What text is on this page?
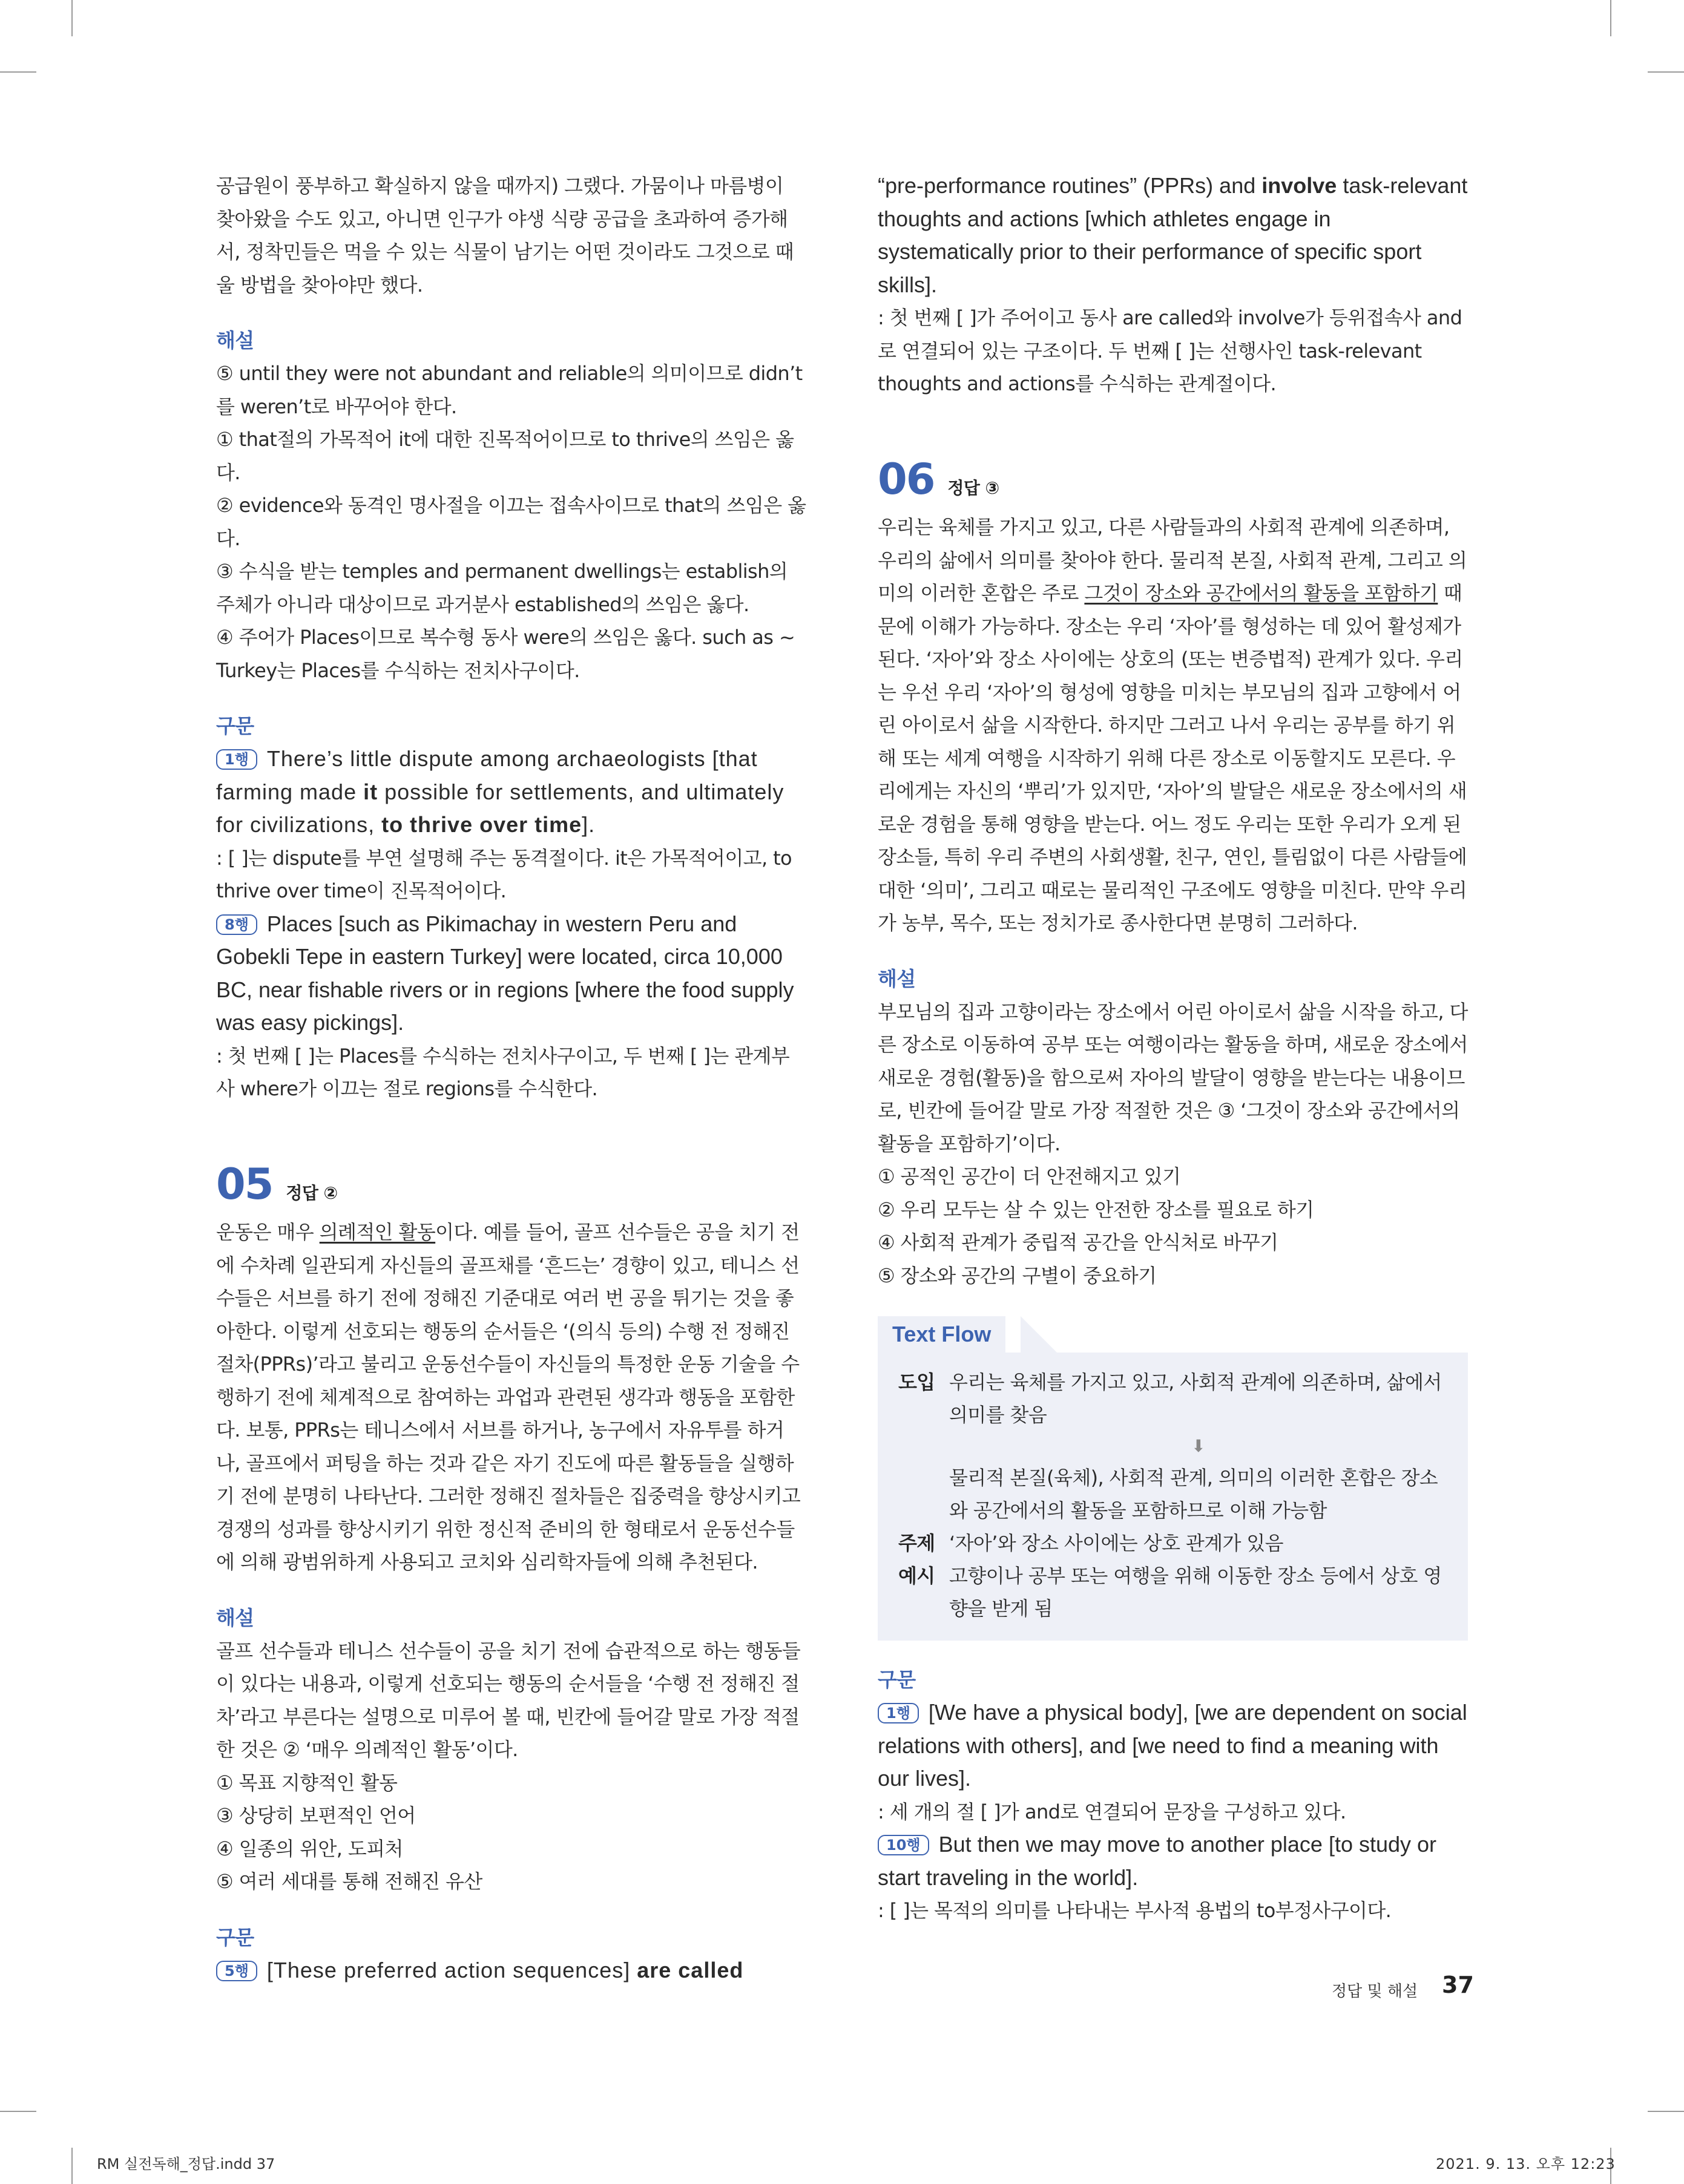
공급원이 풍부하고 확실하지 않을 때까지) 그랬다. 가뭄이나 마름병이 찾아왔을 수도 있고, 아니면 인구가 야생 식량 공급을 초과하여 증가해서, 정착민들은 먹을 수 있는 식물이 남기는 어떤 것이라도 그것으로 때울 방법을 찾아야만 했다.

해설

⑤ until they were not abundant and reliable의 의미이므로 didn’t를 weren’t로 바꾸어야 한다.

① that절의 가목적어 it에 대한 진목적어이므로 to thrive의 쓰임은 옳다.

② evidence와 동격인 명사절을 이끄는 접속사이므로 that의 쓰임은 옳다.

③ 수식을 받는 temples and permanent dwellings는 establish의 주체가 아니라 대상이므로 과거분사 established의 쓰임은 옳다.

④ 주어가 Places이므로 복수형 동사 were의 쓰임은 옳다. such as ~ Turkey는 Places를 수식하는 전치사구이다.

구문

1행 There’s little dispute among archaeologists [that farming made it possible for settlements, and ultimately for civilizations, to thrive over time].

: [ ]는 dispute를 부연 설명해 주는 동격절이다. it은 가목적어이고, to thrive over time이 진목적어이다.

8행 Places [such as Pikimachay in western Peru and Gobekli Tepe in eastern Turkey] were located, circa 10,000 BC, near fishable rivers or in regions [where the food supply was easy pickings].

: 첫 번째 [ ]는 Places를 수식하는 전치사구이고, 두 번째 [ ]는 관계부사 where가 이끄는 절로 regions를 수식한다.

05 정답 ②

운동은 매우 의례적인 활동이다. 예를 들어, 골프 선수들은 공을 치기 전에 수차례 일관되게 자신들의 골프채를 ‘흔드는’ 경향이 있고, 테니스 선수들은 서브를 하기 전에 정해진 기준대로 여러 번 공을 튀기는 것을 좋아한다. 이렇게 선호되는 행동의 순서들은 ‘(의식 등의) 수행 전 정해진 절차(PPRs)’라고 불리고 운동선수들이 자신들의 특정한 운동 기술을 수행하기 전에 체계적으로 참여하는 과업과 관련된 생각과 행동을 포함한다. 보통, PPRs는 테니스에서 서브를 하거나, 농구에서 자유투를 하거나, 골프에서 퍼팅을 하는 것과 같은 자기 진도에 따른 활동들을 실행하기 전에 분명히 나타난다. 그러한 정해진 절차들은 집중력을 향상시키고 경쟁의 성과를 향상시키기 위한 정신적 준비의 한 형태로서 운동선수들에 의해 광범위하게 사용되고 코치와 심리학자들에 의해 추천된다.

해설

골프 선수들과 테니스 선수들이 공을 치기 전에 습관적으로 하는 행동들이 있다는 내용과, 이렇게 선호되는 행동의 순서들을 ‘수행 전 정해진 절차’라고 부른다는 설명으로 미루어 볼 때, 빈칸에 들어갈 말로 가장 적절한 것은 ② ‘매우 의례적인 활동’이다.

① 목표 지향적인 활동

③ 상당히 보편적인 언어

④ 일종의 위안, 도피처

⑤ 여러 세대를 통해 전해진 유산

구문

5행 [These preferred action sequences] are called

“pre-performance routines” (PPRs) and involve task-relevant thoughts and actions [which athletes engage in systematically prior to their performance of specific sport skills].

: 첫 번째 [ ]가 주어이고 동사 are called와 involve가 등위접속사 and로 연결되어 있는 구조이다. 두 번째 [ ]는 선행사인 task-relevant thoughts and actions를 수식하는 관계절이다.

06 정답 ③

우리는 육체를 가지고 있고, 다른 사람들과의 사회적 관계에 의존하며, 우리의 삶에서 의미를 찾아야 한다. 물리적 본질, 사회적 관계, 그리고 의미의 이러한 혼합은 주로 그것이 장소와 공간에서의 활동을 포함하기 때문에 이해가 가능하다. 장소는 우리 ‘자아’를 형성하는 데 있어 활성제가 된다. ‘자아’와 장소 사이에는 상호의 (또는 변증법적) 관계가 있다. 우리는 우선 우리 ‘자아’의 형성에 영향을 미치는 부모님의 집과 고향에서 어린 아이로서 삶을 시작한다. 하지만 그러고 나서 우리는 공부를 하기 위해 또는 세계 여행을 시작하기 위해 다른 장소로 이동할지도 모른다. 우리에게는 자신의 ‘뿌리’가 있지만, ‘자아’의 발달은 새로운 장소에서의 새로운 경험을 통해 영향을 받는다. 어느 정도 우리는 또한 우리가 오게 된 장소들, 특히 우리 주변의 사회생활, 친구, 연인, 틀림없이 다른 사람들에 대한 ‘의미’, 그리고 때로는 물리적인 구조에도 영향을 미친다. 만약 우리가 농부, 목수, 또는 정치가로 종사한다면 분명히 그러하다.

해설

부모님의 집과 고향이라는 장소에서 어린 아이로서 삶을 시작을 하고, 다른 장소로 이동하여 공부 또는 여행이라는 활동을 하며, 새로운 장소에서 새로운 경험(활동)을 함으로써 자아의 발달이 영향을 받는다는 내용이므로, 빈칸에 들어갈 말로 가장 적절한 것은 ③ ‘그것이 장소와 공간에서의 활동을 포함하기’이다.

① 공적인 공간이 더 안전해지고 있기

② 우리 모두는 살 수 있는 안전한 장소를 필요로 하기

④ 사회적 관계가 중립적 공간을 안식처로 바꾸기

⑤ 장소와 공간의 구별이 중요하기

Text Flow
도입 우리는 육체를 가지고 있고, 사회적 관계에 의존하며, 삶에서 의미를 찾음
⬇
물리적 본질(육체), 사회적 관계, 의미의 이러한 혼합은 장소와 공간에서의 활동을 포함하므로 이해 가능함
주제 ‘자아’와 장소 사이에는 상호 관계가 있음
예시 고향이나 공부 또는 여행을 위해 이동한 장소 등에서 상호 영향을 받게 됨
구문

1행 [We have a physical body], [we are dependent on social relations with others], and [we need to find a meaning with our lives].

: 세 개의 절 [ ]가 and로 연결되어 문장을 구성하고 있다.

10행 But then we may move to another place [to study or start traveling in the world].

: [ ]는 목적의 의미를 나타내는 부사적 용법의 to부정사구이다.

정답 및 해설 37
RM 실전독해_정답.indd 37	2021. 9. 13. 오후 12:23
